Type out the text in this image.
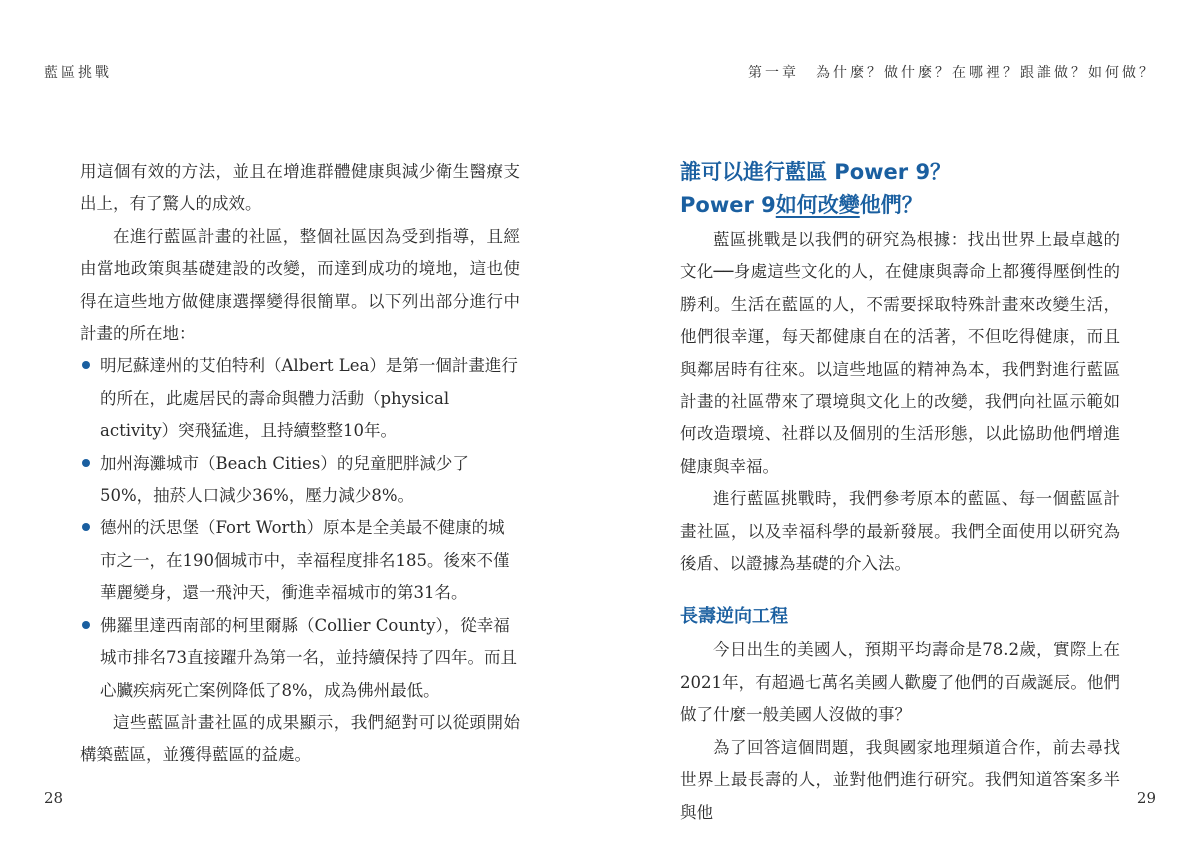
藍區挑戰

用這個有效的方法，並且在增進群體健康與減少衛生醫療支出上，有了驚人的成效。

在進行藍區計畫的社區，整個社區因為受到指導，且經由當地政策與基礎建設的改變，而達到成功的境地，這也使得在這些地方做健康選擇變得很簡單。以下列出部分進行中計畫的所在地：

明尼蘇達州的艾伯特利（Albert Lea）是第一個計畫進行的所在，此處居民的壽命與體力活動（physical activity）突飛猛進，且持續整整10年。
加州海灘城市（Beach Cities）的兒童肥胖減少了50%，抽菸人口減少36%，壓力減少8%。
德州的沃思堡（Fort Worth）原本是全美最不健康的城市之一，在190個城市中，幸福程度排名185。後來不僅華麗變身，還一飛沖天，衝進幸福城市的第31名。
佛羅里達西南部的柯里爾縣（Collier County），從幸福城市排名73直接躍升為第一名，並持續保持了四年。而且心臟疾病死亡案例降低了8%，成為佛州最低。

這些藍區計畫社區的成果顯示，我們絕對可以從頭開始構築藍區，並獲得藍區的益處。

28
第一章　為什麼？做什麼？在哪裡？跟誰做？如何做？
誰可以進行藍區 Power 9？
Power 9如何改變他們？

藍區挑戰是以我們的研究為根據：找出世界上最卓越的文化──身處這些文化的人，在健康與壽命上都獲得壓倒性的勝利。生活在藍區的人，不需要採取特殊計畫來改變生活，他們很幸運，每天都健康自在的活著，不但吃得健康，而且與鄰居時有往來。以這些地區的精神為本，我們對進行藍區計畫的社區帶來了環境與文化上的改變，我們向社區示範如何改造環境、社群以及個別的生活形態，以此協助他們增進健康與幸福。

進行藍區挑戰時，我們參考原本的藍區、每一個藍區計畫社區，以及幸福科學的最新發展。我們全面使用以研究為後盾、以證據為基礎的介入法。

長壽逆向工程

今日出生的美國人，預期平均壽命是78.2歲，實際上在2021年，有超過七萬名美國人歡慶了他們的百歲誕辰。他們做了什麼一般美國人沒做的事？

為了回答這個問題，我與國家地理頻道合作，前去尋找世界上最長壽的人，並對他們進行研究。我們知道答案多半與他

29
